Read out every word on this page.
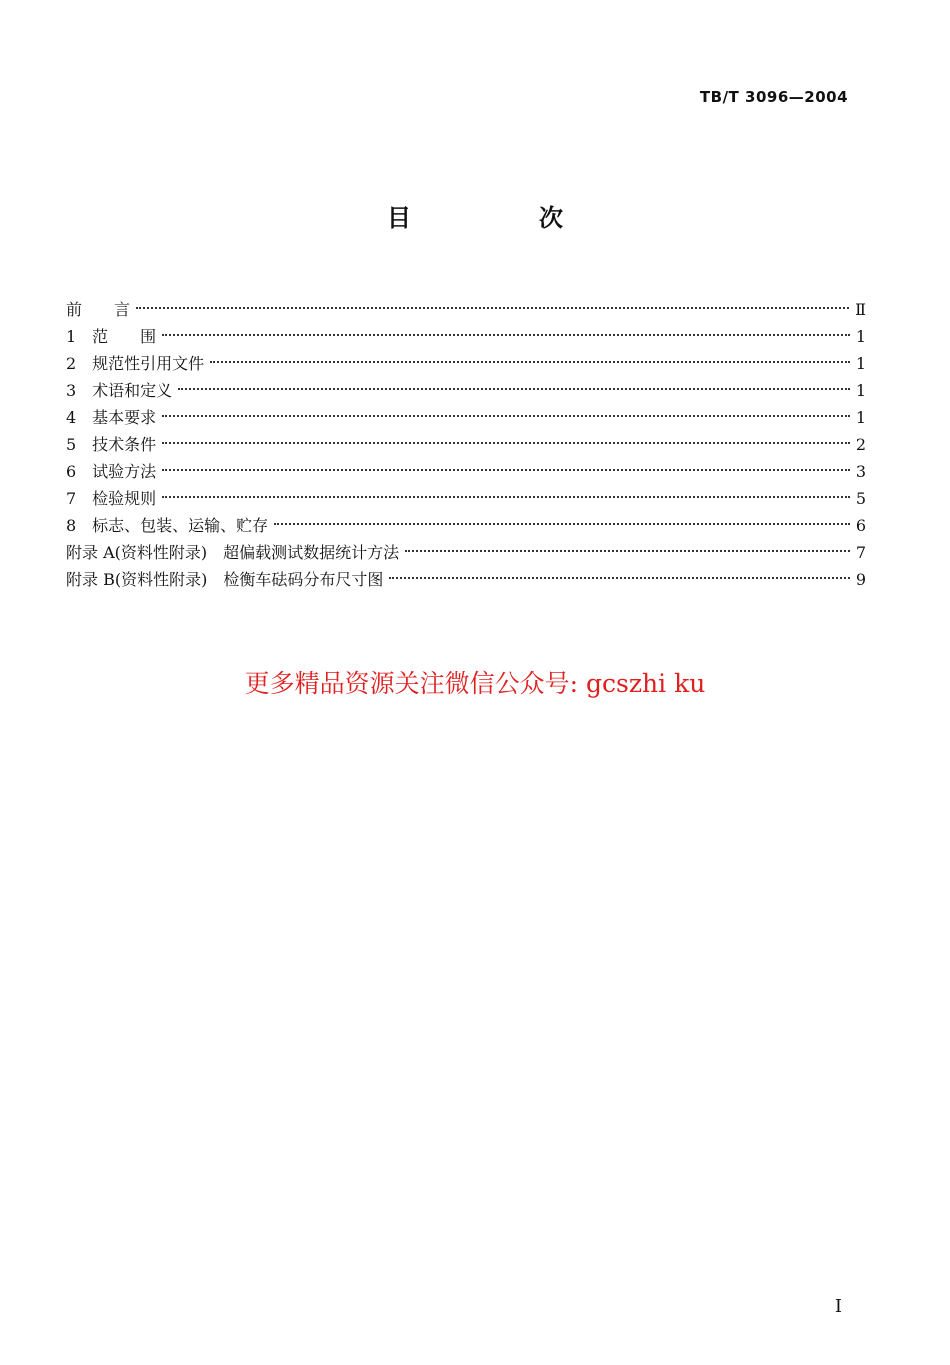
TB/T 3096—2004
目　次
前　　言	Ⅱ
1　范　　围	1
2　规范性引用文件	1
3　术语和定义	1
4　基本要求	1
5　技术条件	2
6　试验方法	3
7　检验规则	5
8　标志、包装、运输、贮存	6
附录 A(资料性附录)　超偏载测试数据统计方法	7
附录 B(资料性附录)　检衡车砝码分布尺寸图	9
更多精品资源关注微信公众号: gcszhi ku
I
